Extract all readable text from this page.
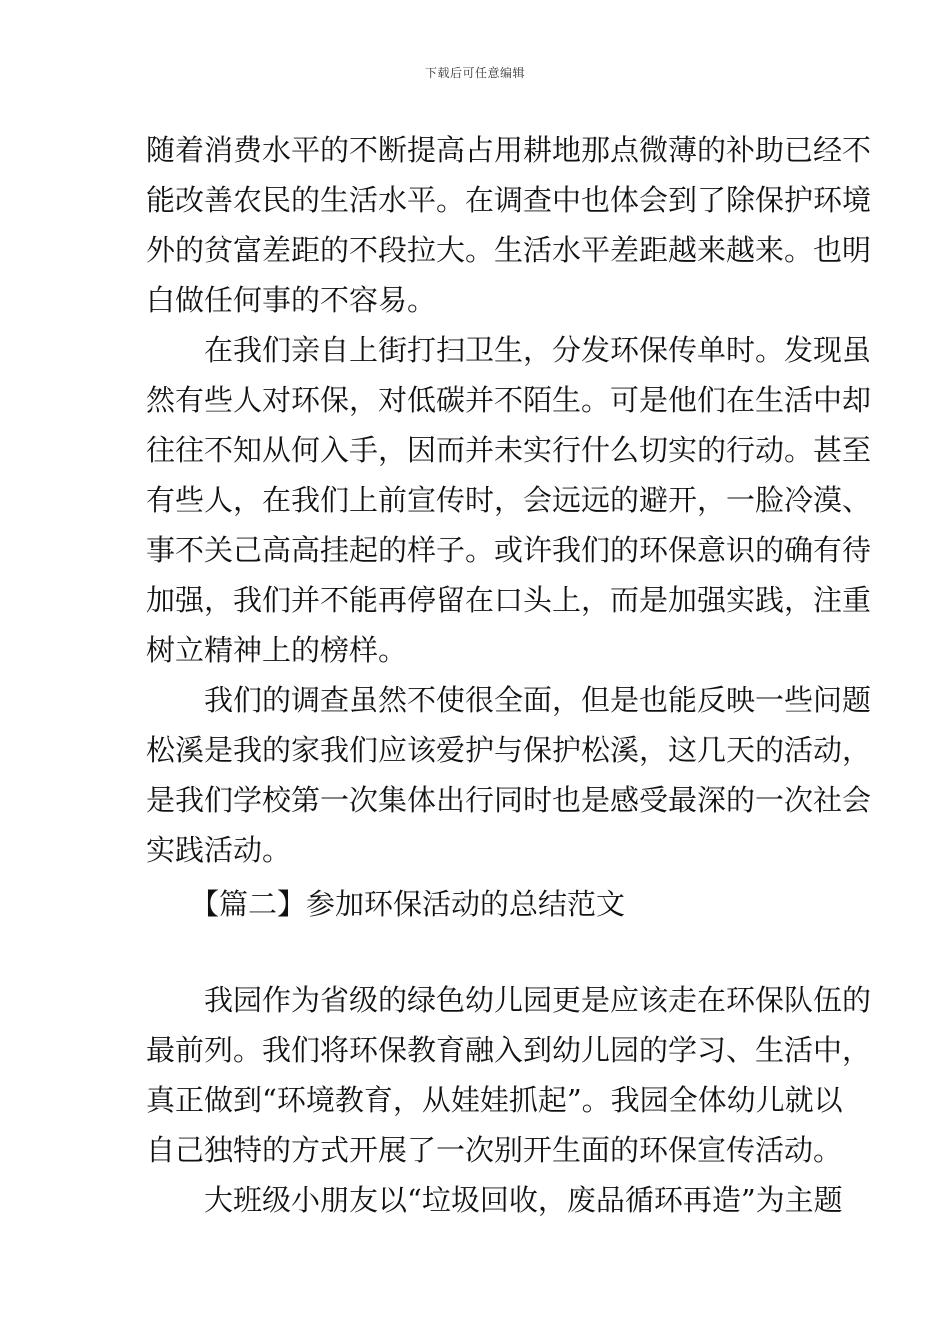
下载后可任意编辑
随着消费水平的不断提高占用耕地那点微薄的补助已经不
能改善农民的生活水平。在调查中也体会到了除保护环境
外的贫富差距的不段拉大。生活水平差距越来越来。也明
白做任何事的不容易。
在我们亲自上街打扫卫生，分发环保传单时。发现虽
然有些人对环保，对低碳并不陌生。可是他们在生活中却
往往不知从何入手，因而并未实行什么切实的行动。甚至
有些人，在我们上前宣传时，会远远的避开，一脸冷漠、
事不关己高高挂起的样子。或许我们的环保意识的确有待
加强，我们并不能再停留在口头上，而是加强实践，注重
树立精神上的榜样。
我们的调查虽然不使很全面，但是也能反映一些问题
松溪是我的家我们应该爱护与保护松溪，这几天的活动，
是我们学校第一次集体出行同时也是感受最深的一次社会
实践活动。
【篇二】参加环保活动的总结范文
我园作为省级的绿色幼儿园更是应该走在环保队伍的
最前列。我们将环保教育融入到幼儿园的学习、生活中，
真正做到“环境教育，从娃娃抓起”。我园全体幼儿就以
自己独特的方式开展了一次别开生面的环保宣传活动。
大班级小朋友以“垃圾回收，废品循环再造”为主题
